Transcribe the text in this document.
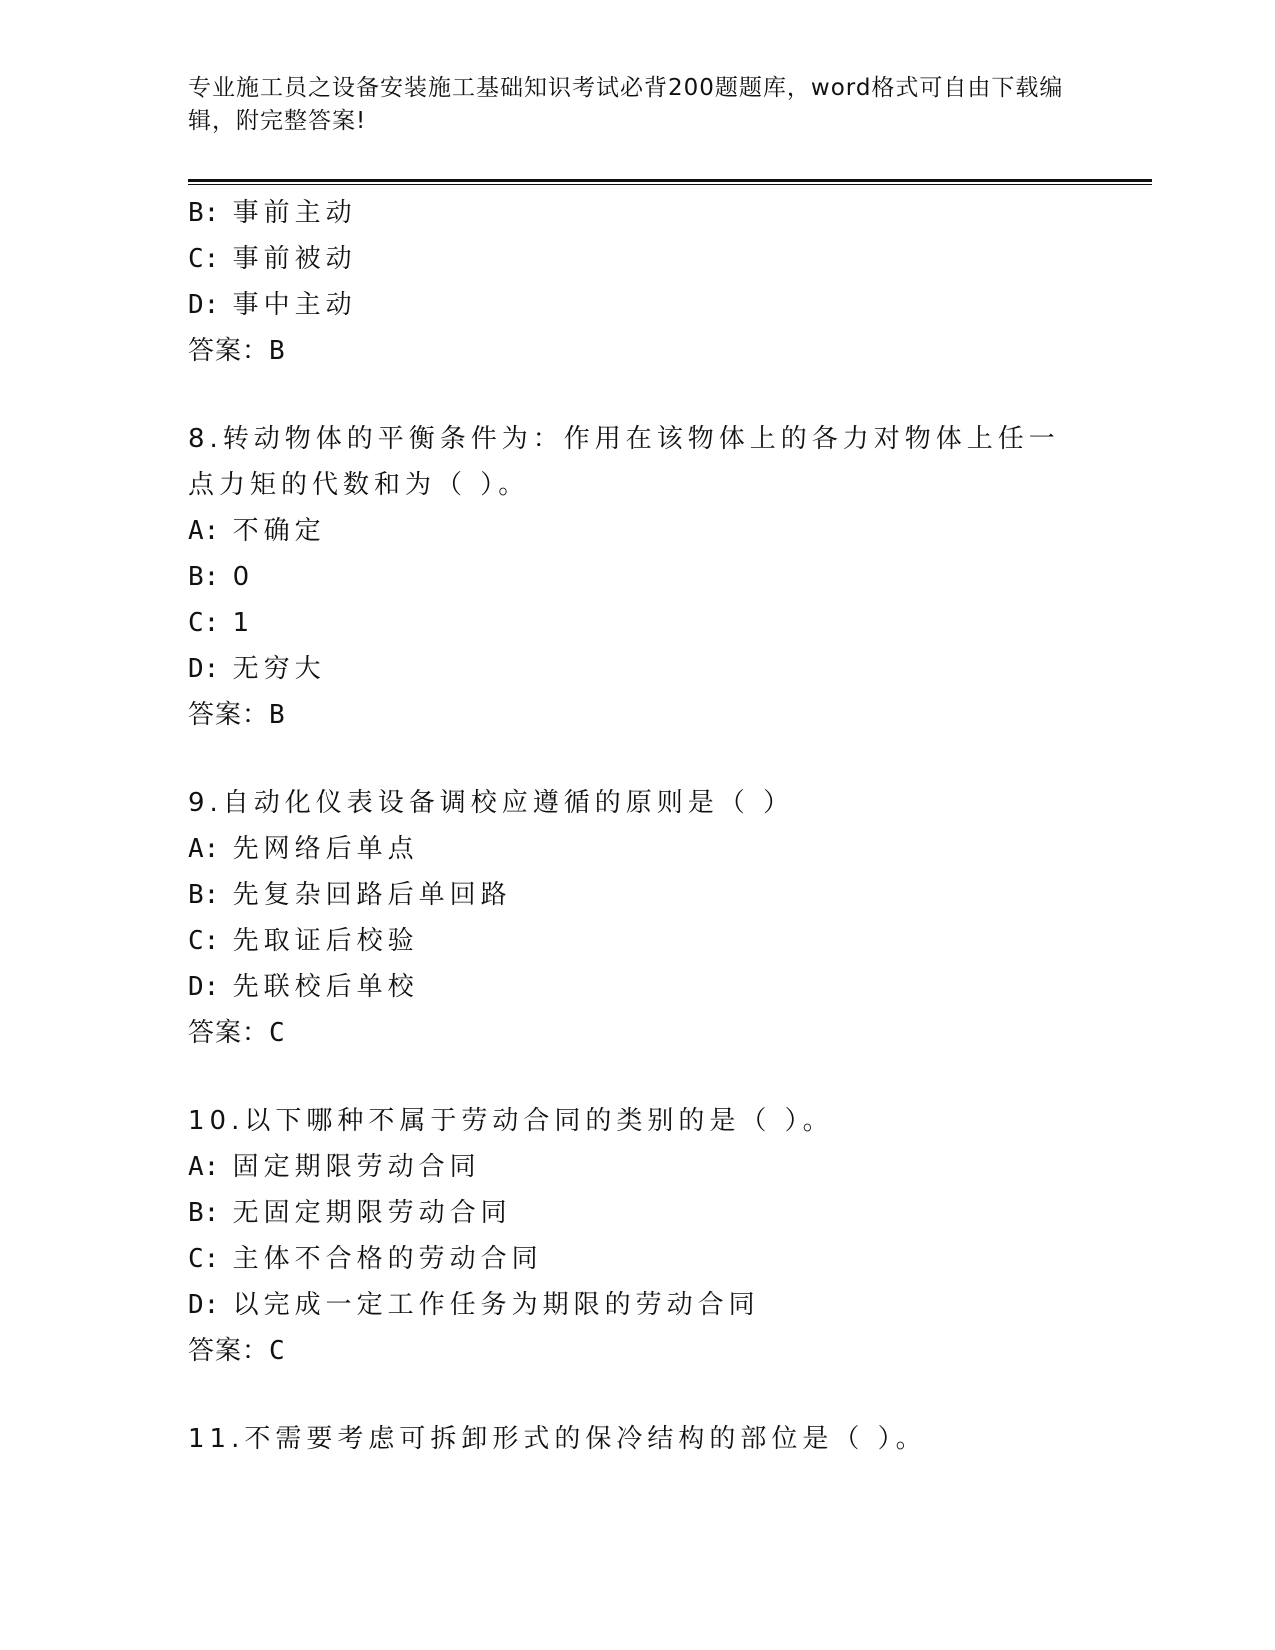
专业施工员之设备安装施工基础知识考试必背200题题库，word格式可自由下载编辑，附完整答案!
B: 事前主动
C: 事前被动
D: 事中主动
答案：B
8.转动物体的平衡条件为：作用在该物体上的各力对物体上任一点力矩的代数和为（ ）。
A: 不确定
B: 0
C: 1
D: 无穷大
答案：B
9.自动化仪表设备调校应遵循的原则是（ ）
A: 先网络后单点
B: 先复杂回路后单回路
C: 先取证后校验
D: 先联校后单校
答案：C
10.以下哪种不属于劳动合同的类别的是（ ）。
A: 固定期限劳动合同
B: 无固定期限劳动合同
C: 主体不合格的劳动合同
D: 以完成一定工作任务为期限的劳动合同
答案：C
11.不需要考虑可拆卸形式的保冷结构的部位是（ ）。
